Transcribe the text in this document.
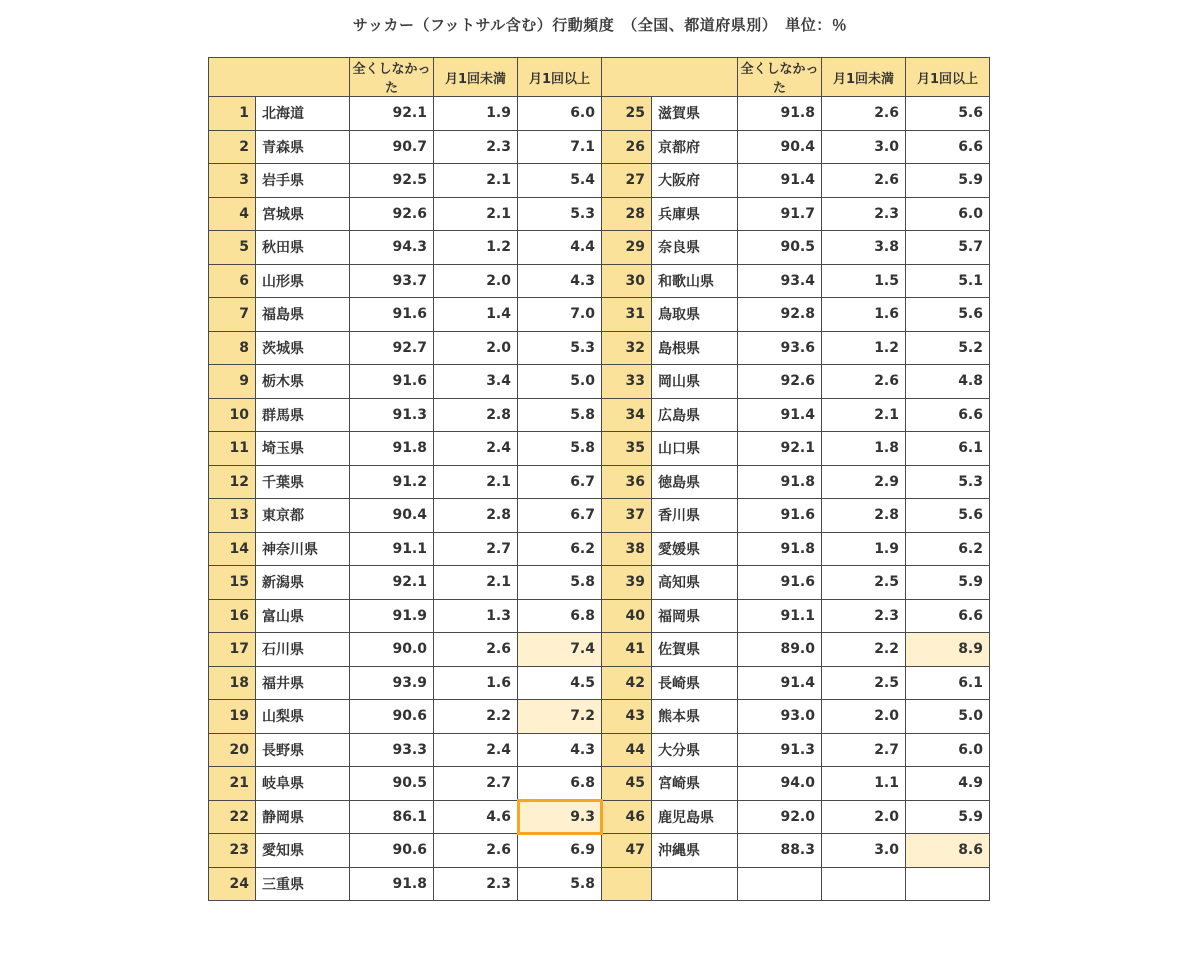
サッカー（フットサル含む）行動頻度　（全国、都道府県別）　単位：％
		全くしなかった	月1回未満	月1回以上			全くしなかった	月1回未満	月1回以上
1	北海道	92.1	1.9	6.0	25	滋賀県	91.8	2.6	5.6
2	青森県	90.7	2.3	7.1	26	京都府	90.4	3.0	6.6
3	岩手県	92.5	2.1	5.4	27	大阪府	91.4	2.6	5.9
4	宮城県	92.6	2.1	5.3	28	兵庫県	91.7	2.3	6.0
5	秋田県	94.3	1.2	4.4	29	奈良県	90.5	3.8	5.7
6	山形県	93.7	2.0	4.3	30	和歌山県	93.4	1.5	5.1
7	福島県	91.6	1.4	7.0	31	鳥取県	92.8	1.6	5.6
8	茨城県	92.7	2.0	5.3	32	島根県	93.6	1.2	5.2
9	栃木県	91.6	3.4	5.0	33	岡山県	92.6	2.6	4.8
10	群馬県	91.3	2.8	5.8	34	広島県	91.4	2.1	6.6
11	埼玉県	91.8	2.4	5.8	35	山口県	92.1	1.8	6.1
12	千葉県	91.2	2.1	6.7	36	徳島県	91.8	2.9	5.3
13	東京都	90.4	2.8	6.7	37	香川県	91.6	2.8	5.6
14	神奈川県	91.1	2.7	6.2	38	愛媛県	91.8	1.9	6.2
15	新潟県	92.1	2.1	5.8	39	高知県	91.6	2.5	5.9
16	富山県	91.9	1.3	6.8	40	福岡県	91.1	2.3	6.6
17	石川県	90.0	2.6	7.4	41	佐賀県	89.0	2.2	8.9
18	福井県	93.9	1.6	4.5	42	長崎県	91.4	2.5	6.1
19	山梨県	90.6	2.2	7.2	43	熊本県	93.0	2.0	5.0
20	長野県	93.3	2.4	4.3	44	大分県	91.3	2.7	6.0
21	岐阜県	90.5	2.7	6.8	45	宮崎県	94.0	1.1	4.9
22	静岡県	86.1	4.6	9.3	46	鹿児島県	92.0	2.0	5.9
23	愛知県	90.6	2.6	6.9	47	沖縄県	88.3	3.0	8.6
24	三重県	91.8	2.3	5.8					
